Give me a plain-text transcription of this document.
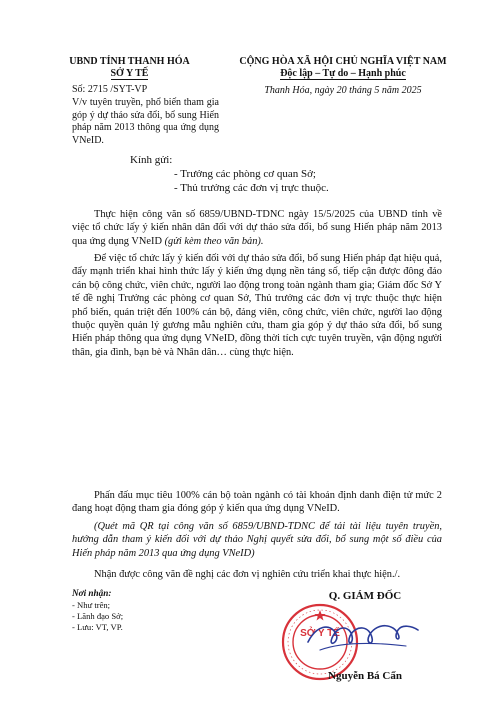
UBND TỈNH THANH HÓA
SỞ Y TẾ
Số: 2715 /SYT-VP
V/v tuyên truyền, phổ biến tham gia góp ý dự thảo sửa đổi, bổ sung Hiến pháp năm 2013 thông qua ứng dụng VNeID.
CỘNG HÒA XÃ HỘI CHỦ NGHĨA VIỆT NAM
Độc lập – Tự do – Hạnh phúc
Thanh Hóa, ngày 20 tháng 5 năm 2025
Kính gửi:
- Trưởng các phòng cơ quan Sở;
- Thủ trưởng các đơn vị trực thuộc.
Thực hiện công văn số 6859/UBND-TDNC ngày 15/5/2025 của UBND tỉnh về việc tổ chức lấy ý kiến nhân dân đối với dự thảo sửa đổi, bổ sung Hiến pháp năm 2013 qua ứng dụng VNeID (gửi kèm theo văn bản).
Để việc tổ chức lấy ý kiến đối với dự thảo sửa đổi, bổ sung Hiến pháp đạt hiệu quả, đẩy mạnh triển khai hình thức lấy ý kiến ứng dụng nền tảng số, tiếp cận được đông đảo cán bộ công chức, viên chức, người lao động trong toàn ngành tham gia; Giám đốc Sở Y tế đề nghị Trưởng các phòng cơ quan Sở, Thủ trưởng các đơn vị trực thuộc thực hiện phổ biến, quán triệt đến 100% cán bộ, đảng viên, công chức, viên chức, người lao động thuộc quyền quản lý gương mẫu nghiên cứu, tham gia góp ý dự thảo sửa đổi, bổ sung Hiến pháp thông qua ứng dụng VNeID, đồng thời tích cực tuyên truyền, vận động người thân, gia đình, bạn bè và Nhân dân… cùng thực hiện.
Phấn đấu mục tiêu 100% cán bộ toàn ngành có tài khoản định danh điện tử mức 2 đang hoạt động tham gia đóng góp ý kiến qua ứng dụng VNeID.
(Quét mã QR tại công văn số 6859/UBND-TDNC để tải tài liệu tuyên truyền, hướng dẫn tham ý kiến đối với dự thảo Nghị quyết sửa đổi, bổ sung một số điều của Hiến pháp năm 2013 qua ứng dụng VNeID)
Nhận được công văn đề nghị các đơn vị nghiên cứu triển khai thực hiện./.
Nơi nhận:
- Như trên;
- Lãnh đạo Sở;
- Lưu: VT, VP.
Q. GIÁM ĐỐC
SỞ Y TẾ
Nguyễn Bá Cẩn
